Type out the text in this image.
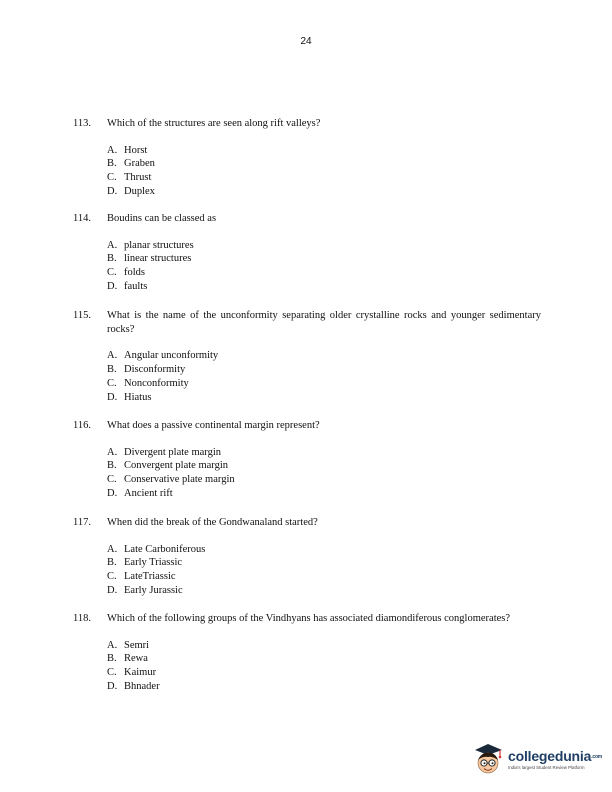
24
113.	Which of the structures are seen along rift valleys?
A. Horst
B. Graben
C. Thrust
D. Duplex
114.	Boudins can be classed as
A. planar structures
B. linear structures
C. folds
D. faults
115.	What is the name of the unconformity separating older crystalline rocks and younger sedimentary rocks?
A. Angular unconformity
B. Disconformity
C. Nonconformity
D. Hiatus
116.	What does a passive continental margin represent?
A. Divergent plate margin
B. Convergent plate margin
C. Conservative plate margin
D. Ancient rift
117.	When did the break of the Gondwanaland started?
A. Late Carboniferous
B. Early Triassic
C. LateTriassic
D. Early Jurassic
118.	Which of the following groups of the Vindhyans has associated diamondiferous conglomerates?
A. Semri
B. Rewa
C. Kaimur
D. Bhnader
collegedunia.com
India's largest Student Review Platform
